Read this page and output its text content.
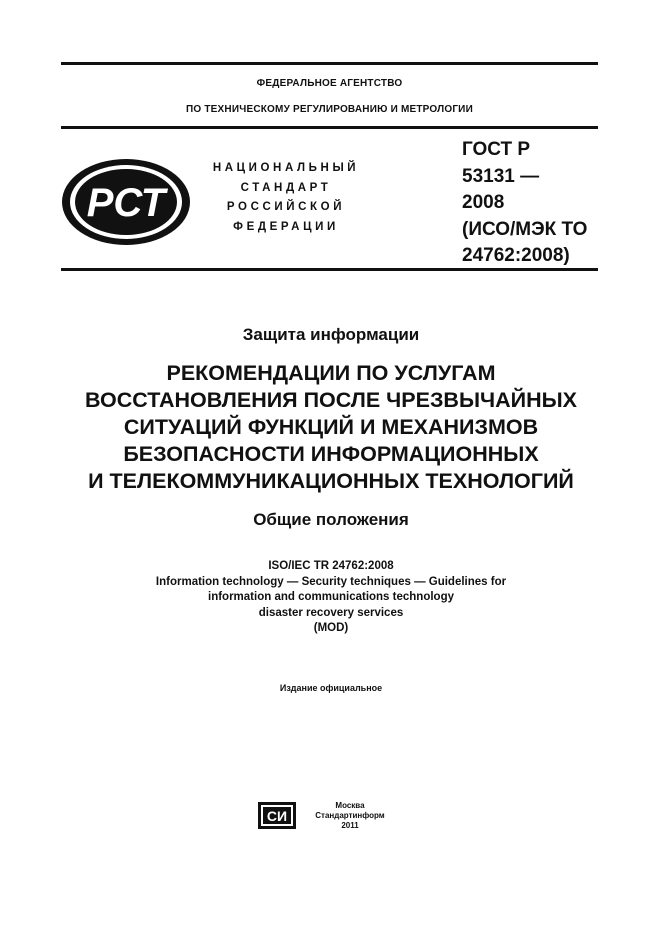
ФЕДЕРАЛЬНОЕ АГЕНТСТВО
ПО ТЕХНИЧЕСКОМУ РЕГУЛИРОВАНИЮ И МЕТРОЛОГИИ
РСТ
НАЦИОНАЛЬНЫЙ
СТАНДАРТ
РОССИЙСКОЙ
ФЕДЕРАЦИИ
ГОСТ Р
53131 —
2008
(ИСО/МЭК ТО
24762:2008)
Защита информации
РЕКОМЕНДАЦИИ ПО УСЛУГАМ
ВОССТАНОВЛЕНИЯ ПОСЛЕ ЧРЕЗВЫЧАЙНЫХ
СИТУАЦИЙ ФУНКЦИЙ И МЕХАНИЗМОВ
БЕЗОПАСНОСТИ ИНФОРМАЦИОННЫХ
И ТЕЛЕКОММУНИКАЦИОННЫХ ТЕХНОЛОГИЙ
Общие положения
ISO/IEC TR 24762:2008
Information technology — Security techniques — Guidelines for
information and communications technology
disaster recovery services
(MOD)
Издание официальное
СИ
Москва
Стандартинформ
2011
